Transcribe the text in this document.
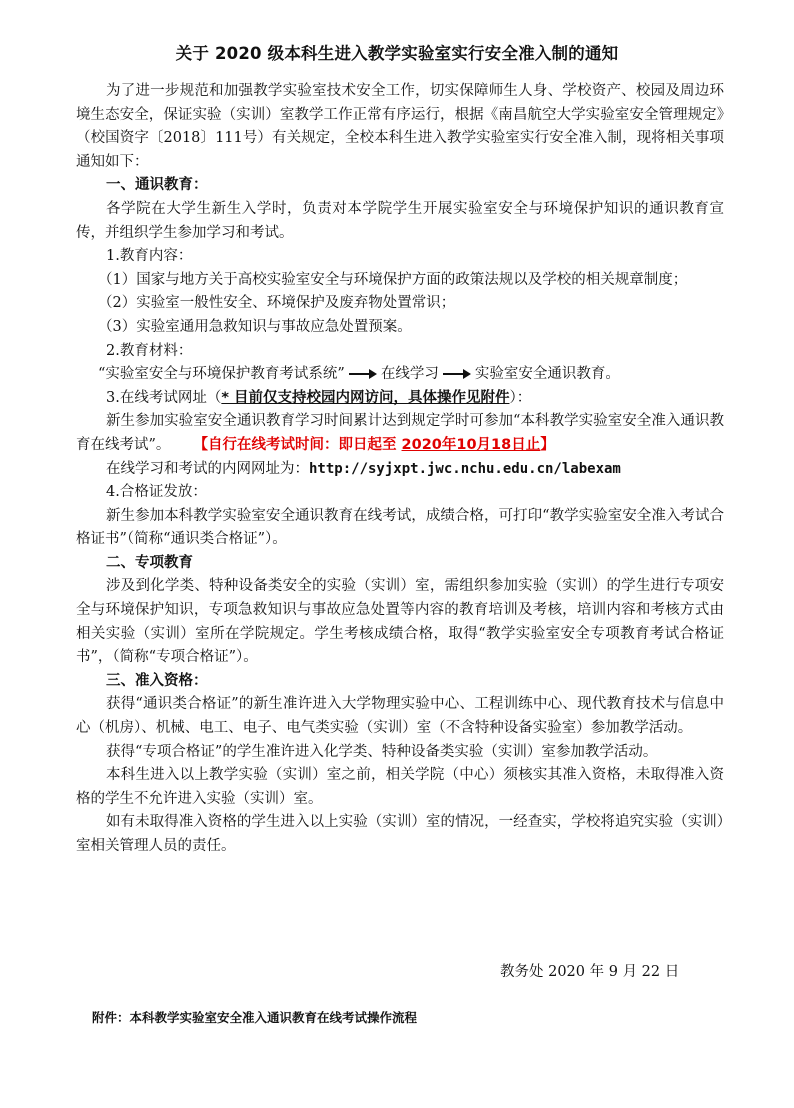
关于 2020 级本科生进入教学实验室实行安全准入制的通知

为了进一步规范和加强教学实验室技术安全工作，切实保障师生人身、学校资产、校园及周边环境生态安全，保证实验（实训）室教学工作正常有序运行，根据《南昌航空大学实验室安全管理规定》（校国资字〔2018〕111号）有关规定，全校本科生进入教学实验室实行安全准入制，现将相关事项通知如下：

一、通识教育：

各学院在大学生新生入学时，负责对本学院学生开展实验室安全与环境保护知识的通识教育宣传，并组织学生参加学习和考试。

1.教育内容：

（1）国家与地方关于高校实验室安全与环境保护方面的政策法规以及学校的相关规章制度；

（2）实验室一般性安全、环境保护及废弃物处置常识；

（3）实验室通用急救知识与事故应急处置预案。

2.教育材料：

“实验室安全与环境保护教育考试系统” 在线学习 实验室安全通识教育。

3.在线考试网址（* 目前仅支持校园内网访问，具体操作见附件）：

新生参加实验室安全通识教育学习时间累计达到规定学时可参加“本科教学实验室安全准入通识教育在线考试”。 【自行在线考试时间：即日起至 2020年10月18日止】

在线学习和考试的内网网址为：http://syjxpt.jwc.nchu.edu.cn/labexam

4.合格证发放：

新生参加本科教学实验室安全通识教育在线考试，成绩合格，可打印“教学实验室安全准入考试合格证书”（简称“通识类合格证”）。

二、专项教育

涉及到化学类、特种设备类安全的实验（实训）室，需组织参加实验（实训）的学生进行专项安全与环境保护知识，专项急救知识与事故应急处置等内容的教育培训及考核，培训内容和考核方式由相关实验（实训）室所在学院规定。学生考核成绩合格，取得“教学实验室安全专项教育考试合格证书”，（简称“专项合格证”）。

三、准入资格：

获得“通识类合格证”的新生准许进入大学物理实验中心、工程训练中心、现代教育技术与信息中心（机房）、机械、电工、电子、电气类实验（实训）室（不含特种设备实验室）参加教学活动。

获得“专项合格证”的学生准许进入化学类、特种设备类实验（实训）室参加教学活动。

本科生进入以上教学实验（实训）室之前，相关学院（中心）须核实其准入资格，未取得准入资格的学生不允许进入实验（实训）室。

如有未取得准入资格的学生进入以上实验（实训）室的情况，一经查实，学校将追究实验（实训）室相关管理人员的责任。

教务处 2020 年 9 月 22 日
附件：本科教学实验室安全准入通识教育在线考试操作流程
